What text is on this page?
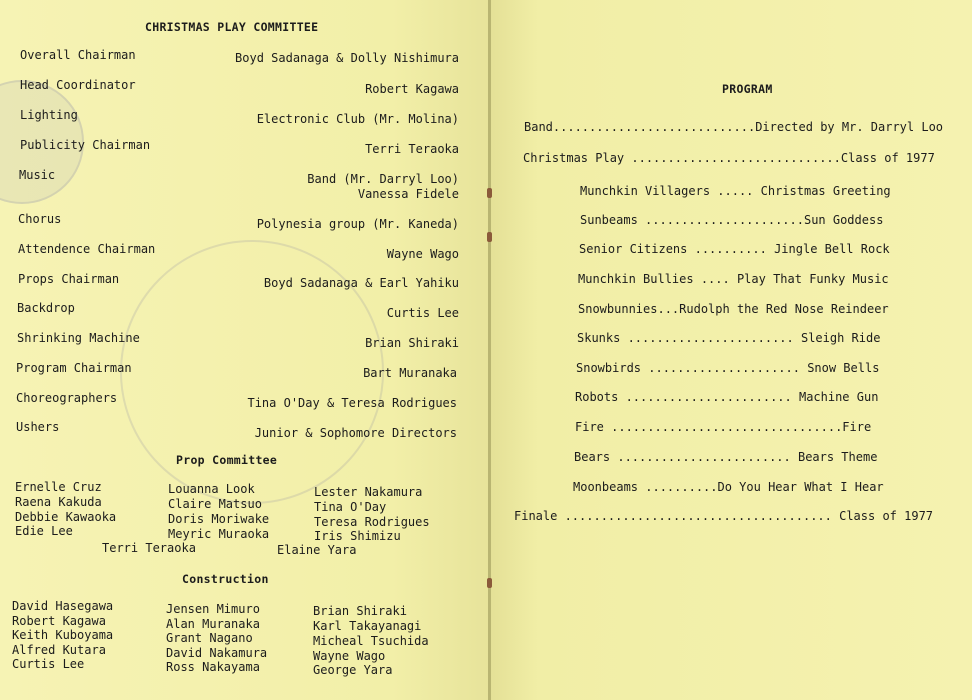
CHRISTMAS PLAY COMMITTEE
Overall Chairman	Boyd Sadanaga & Dolly Nishimura
Head Coordinator	Robert Kagawa
Lighting	Electronic Club (Mr. Molina)
Publicity Chairman	Terri Teraoka
Music	Band (Mr. Darryl Loo)
Vanessa Fidele
Chorus	Polynesia group (Mr. Kaneda)
Attendence Chairman	Wayne Wago
Props Chairman	Boyd Sadanaga & Earl Yahiku
Backdrop	Curtis Lee
Shrinking Machine	Brian Shiraki
Program Chairman	Bart Muranaka
Choreographers	Tina O'Day & Teresa Rodrigues
Ushers	Junior & Sophomore Directors
Prop Committee
Ernelle Cruz
Raena Kakuda
Debbie Kawaoka
Edie Lee
Louanna Look
Claire Matsuo
Doris Moriwake
Meyric Muraoka
Lester Nakamura
Tina O'Day
Teresa Rodrigues
Iris Shimizu
Terri Teraoka	Elaine Yara
Construction
David Hasegawa
Robert Kagawa
Keith Kuboyama
Alfred Kutara
Curtis Lee
Jensen Mimuro
Alan Muranaka
Grant Nagano
David Nakamura
Ross Nakayama
Brian Shiraki
Karl Takayanagi
Micheal Tsuchida
Wayne Wago
George Yara
PROGRAM
Band............................Directed by Mr. Darryl Loo
Christmas Play .............................Class of 1977
Munchkin Villagers ..... Christmas Greeting
Sunbeams ......................Sun Goddess
Senior Citizens .......... Jingle Bell Rock
Munchkin Bullies .... Play That Funky Music
Snowbunnies...Rudolph the Red Nose Reindeer
Skunks ....................... Sleigh Ride
Snowbirds ..................... Snow Bells
Robots ....................... Machine Gun
Fire ................................Fire
Bears ........................ Bears Theme
Moonbeams ..........Do You Hear What I Hear
Finale ..................................... Class of 1977
